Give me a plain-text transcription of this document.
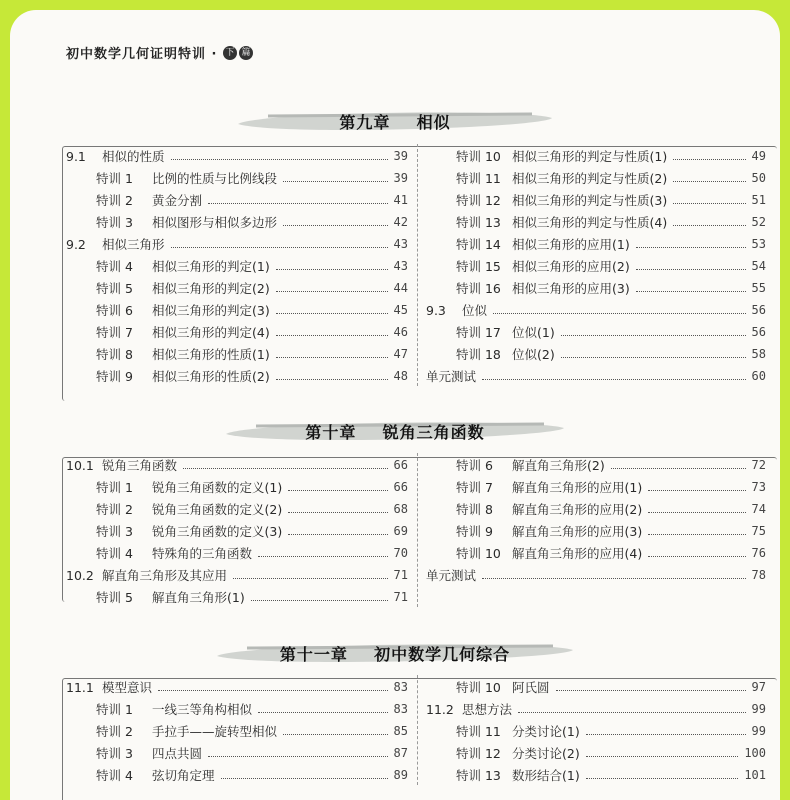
初中数学几何证明特训 · 下 篇
第九章    相似
9.1	相似的性质	39
特训 1	比例的性质与比例线段	39
特训 2	黄金分割	41
特训 3	相似图形与相似多边形	42
9.2	相似三角形	43
特训 4	相似三角形的判定(1)	43
特训 5	相似三角形的判定(2)	44
特训 6	相似三角形的判定(3)	45
特训 7	相似三角形的判定(4)	46
特训 8	相似三角形的性质(1)	47
特训 9	相似三角形的性质(2)	48
特训 10 相似三角形的判定与性质(1)	49
特训 11 相似三角形的判定与性质(2)	50
特训 12 相似三角形的判定与性质(3)	51
特训 13 相似三角形的判定与性质(4)	52
特训 14 相似三角形的应用(1)	53
特训 15 相似三角形的应用(2)	54
特训 16 相似三角形的应用(3)	55
9.3	位似	56
特训 17 位似(1)	56
特训 18 位似(2)	58
单元测试	60
第十章    锐角三角函数
10.1 锐角三角函数	66
特训 1	锐角三角函数的定义(1)	66
特训 2	锐角三角函数的定义(2)	68
特训 3	锐角三角函数的定义(3)	69
特训 4	特殊角的三角函数	70
10.2 解直角三角形及其应用	71
特训 5	解直角三角形(1)	71
特训 6	解直角三角形(2)	72
特训 7	解直角三角形的应用(1)	73
特训 8	解直角三角形的应用(2)	74
特训 9	解直角三角形的应用(3)	75
特训 10 解直角三角形的应用(4)	76
单元测试	78
第十一章    初中数学几何综合
11.1 模型意识	83
特训 1	一线三等角构相似	83
特训 2	手拉手——旋转型相似	85
特训 3	四点共圆	87
特训 4	弦切角定理	89
特训 10 阿氏圆	97
11.2 思想方法	99
特训 11 分类讨论(1)	99
特训 12 分类讨论(2)	100
特训 13 数形结合(1)	101
